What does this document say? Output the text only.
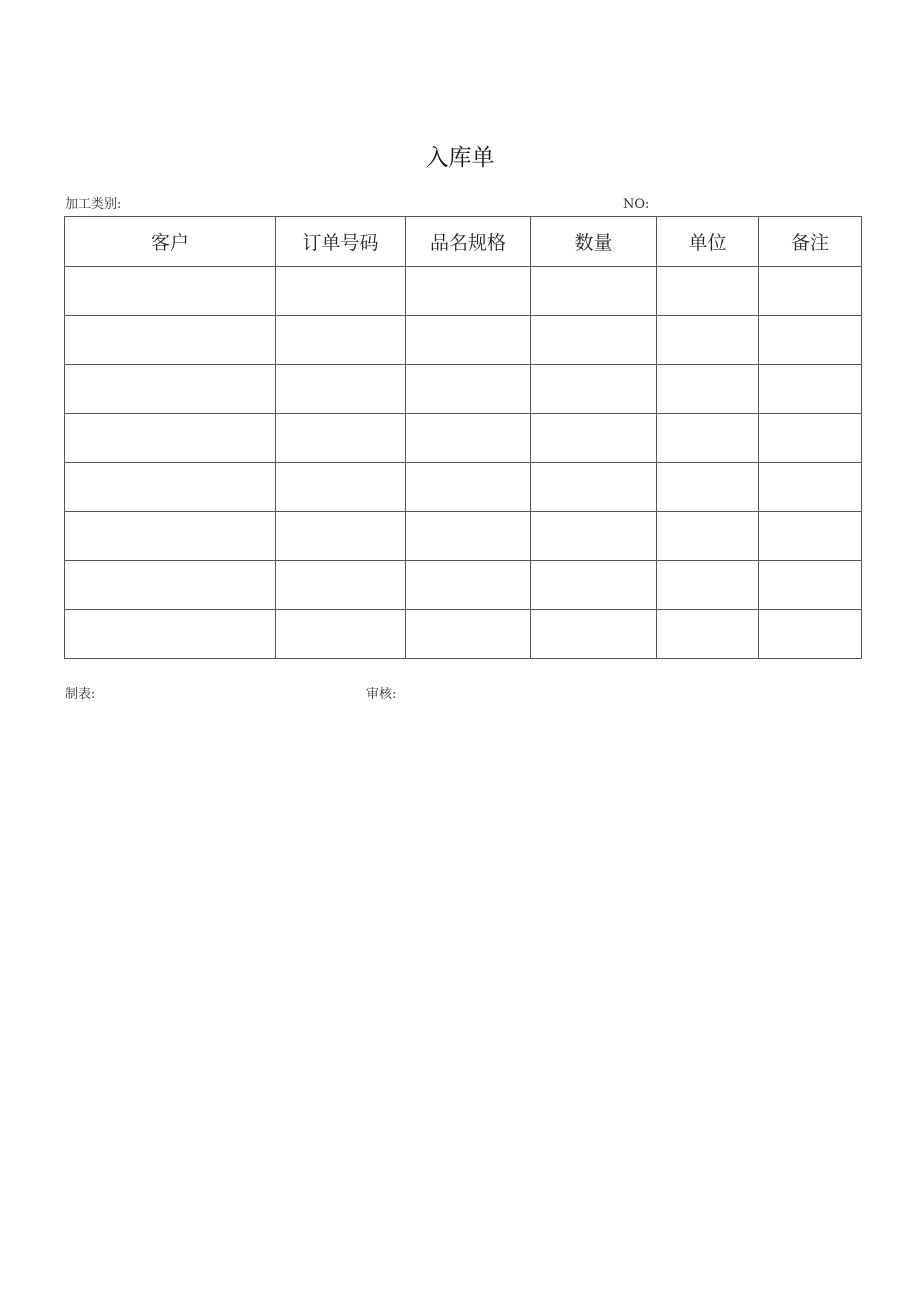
入库单
加工类别:	NO:
客户	订单号码	品名规格	数量	单位	备注

制表:	审核:
